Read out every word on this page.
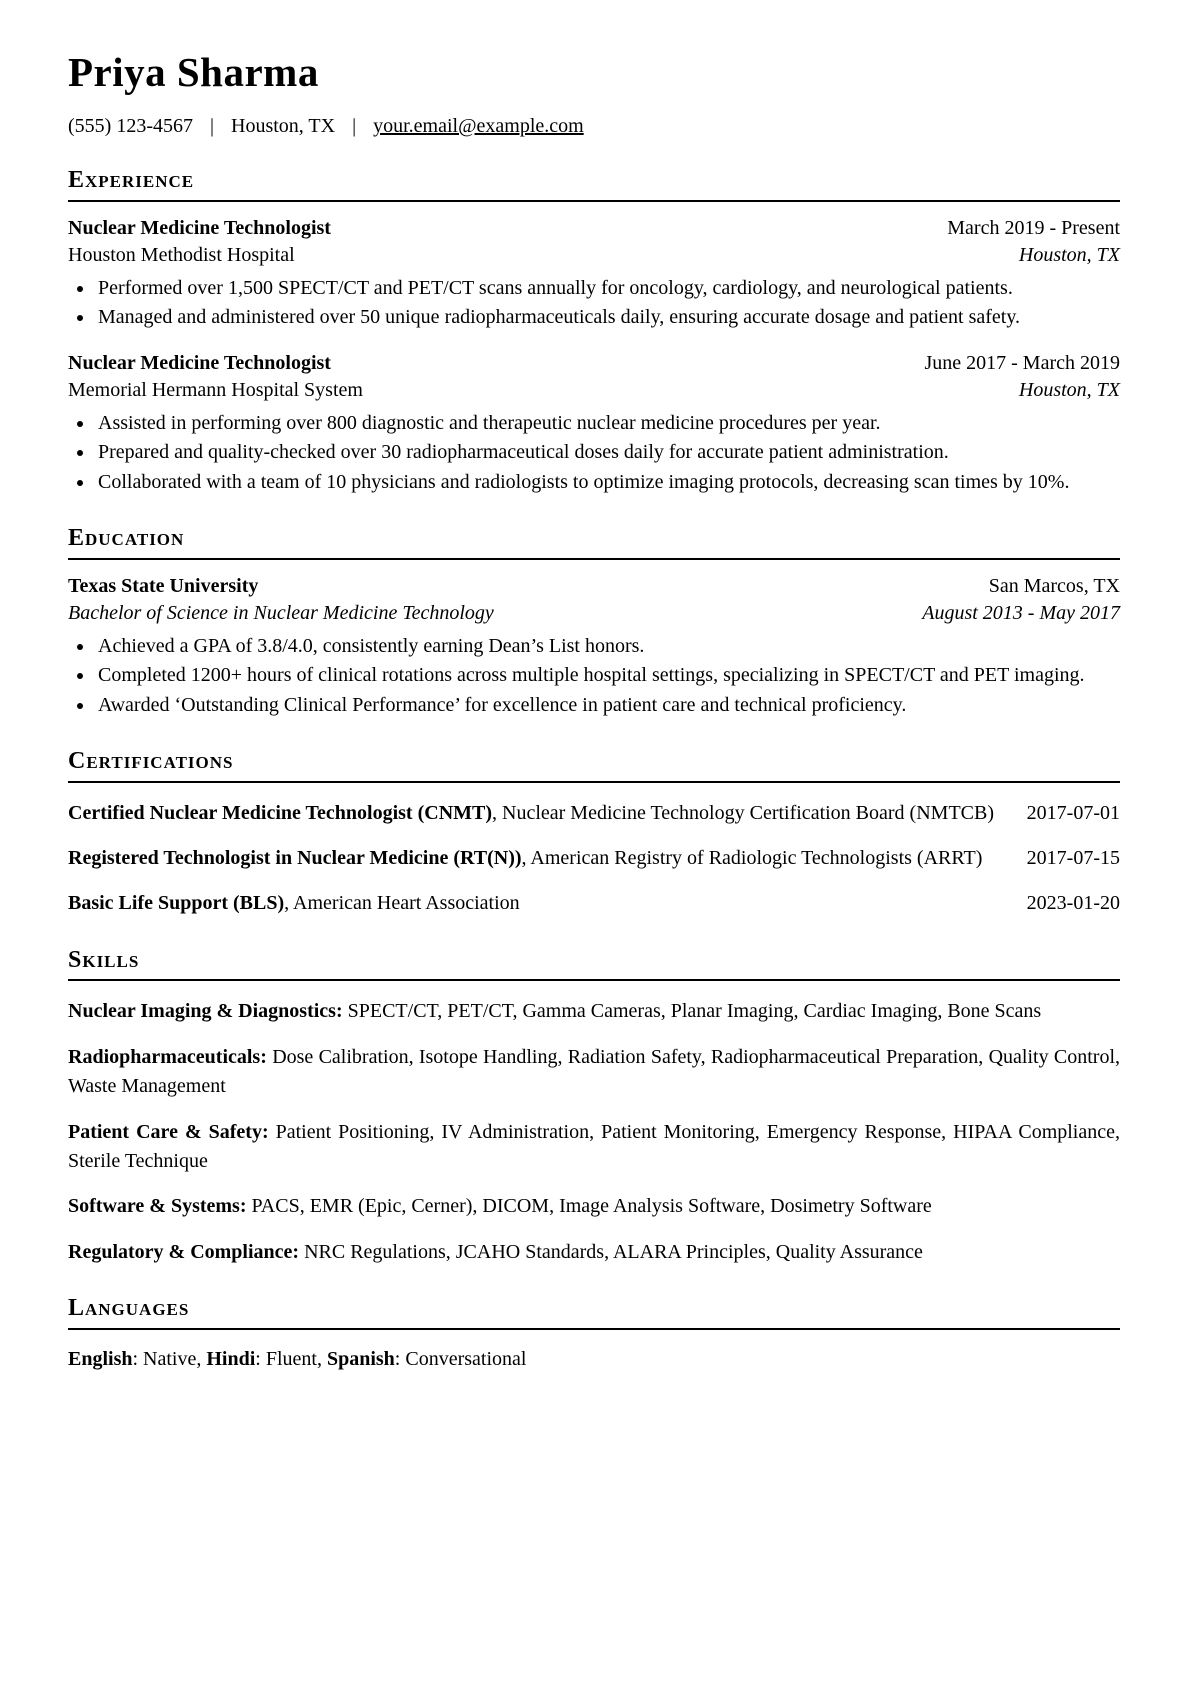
Priya Sharma
(555) 123-4567 | Houston, TX | your.email@example.com
Experience
Nuclear Medicine Technologist	March 2019 - Present
Houston Methodist Hospital	Houston, TX
• Performed over 1,500 SPECT/CT and PET/CT scans annually for oncology, cardiology, and neurological patients.
• Managed and administered over 50 unique radiopharmaceuticals daily, ensuring accurate dosage and patient safety.
Nuclear Medicine Technologist	June 2017 - March 2019
Memorial Hermann Hospital System	Houston, TX
• Assisted in performing over 800 diagnostic and therapeutic nuclear medicine procedures per year.
• Prepared and quality-checked over 30 radiopharmaceutical doses daily for accurate patient administration.
• Collaborated with a team of 10 physicians and radiologists to optimize imaging protocols, decreasing scan times by 10%.
Education
Texas State University	San Marcos, TX
Bachelor of Science in Nuclear Medicine Technology	August 2013 - May 2017
• Achieved a GPA of 3.8/4.0, consistently earning Dean’s List honors.
• Completed 1200+ hours of clinical rotations across multiple hospital settings, specializing in SPECT/CT and PET imaging.
• Awarded ‘Outstanding Clinical Performance’ for excellence in patient care and technical proficiency.
Certifications
Certified Nuclear Medicine Technologist (CNMT), Nuclear Medicine Technology Certification Board (NMTCB) 2017-07-01
Registered Technologist in Nuclear Medicine (RT(N)), American Registry of Radiologic Technologists (ARRT) 2017-07-15
Basic Life Support (BLS), American Heart Association	2023-01-20
Skills

Nuclear Imaging & Diagnostics: SPECT/CT, PET/CT, Gamma Cameras, Planar Imaging, Cardiac Imaging, Bone Scans

Radiopharmaceuticals: Dose Calibration, Isotope Handling, Radiation Safety, Radiopharmaceutical Preparation, Quality Control, Waste Management

Patient Care & Safety: Patient Positioning, IV Administration, Patient Monitoring, Emergency Response, HIPAA Compliance, Sterile Technique

Software & Systems: PACS, EMR (Epic, Cerner), DICOM, Image Analysis Software, Dosimetry Software

Regulatory & Compliance: NRC Regulations, JCAHO Standards, ALARA Principles, Quality Assurance

Languages

English: Native, Hindi: Fluent, Spanish: Conversational
